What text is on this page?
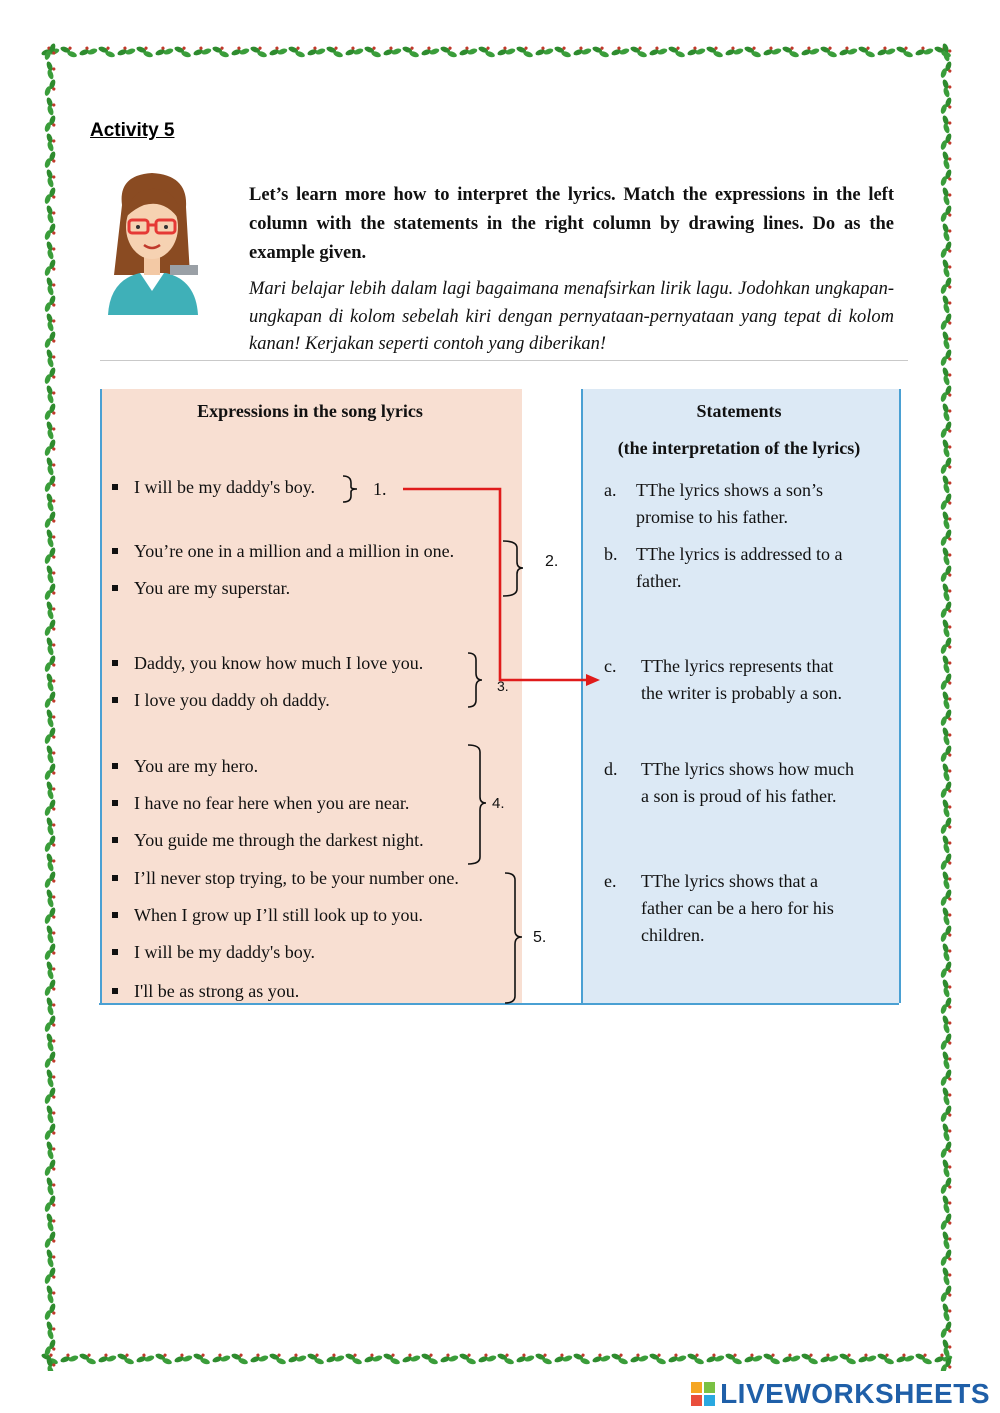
Activity 5
Let’s learn more how to interpret the lyrics. Match the expressions in the left column with the statements in the right column by drawing lines. Do as the example given.
Mari belajar lebih dalam lagi bagaimana menafsirkan lirik lagu. Jodohkan ungkapan-ungkapan di kolom sebelah kiri dengan pernyataan-pernyataan yang tepat di kolom kanan! Kerjakan seperti contoh yang diberikan!
Expressions in the song lyrics	Statements
(the interpretation of the lyrics)
I will be my daddy's boy.
You’re one in a million and a million in one.
You are my superstar.
Daddy, you know how much I love you.
I love you daddy oh daddy.
You are my hero.
I have no fear here when you are near.
You guide me through the darkest night.
I’ll never stop trying, to be your number one.
When I grow up I’ll still look up to you.
I will be my daddy's boy.
I'll be as strong as you.
1.
2.
3.
4.
5.
a. TThe lyrics shows a son’s
promise to his father.
b. TThe lyrics is addressed to a
father.
c. TThe lyrics represents that
the writer is probably a son.
d. TThe lyrics shows how much
a son is proud of his father.
e. TThe lyrics shows that a
father can be a hero for his
children.
LIVEWORKSHEETS
